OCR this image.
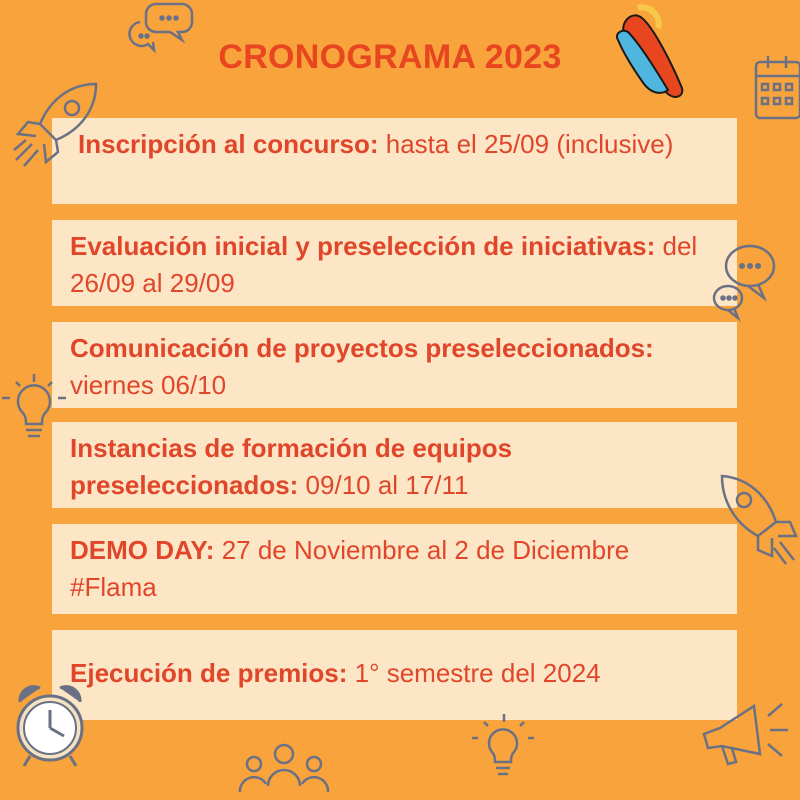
CRONOGRAMA 2023
Inscripción al concurso: hasta el 25/09 (inclusive)
Evaluación inicial y preselección de iniciativas: del 26/09 al 29/09
Comunicación de proyectos preseleccionados: viernes 06/10
Instancias de formación de equipos preseleccionados: 09/10 al 17/11
DEMO DAY: 27 de Noviembre al 2 de Diciembre #Flama
Ejecución de premios: 1° semestre del 2024
